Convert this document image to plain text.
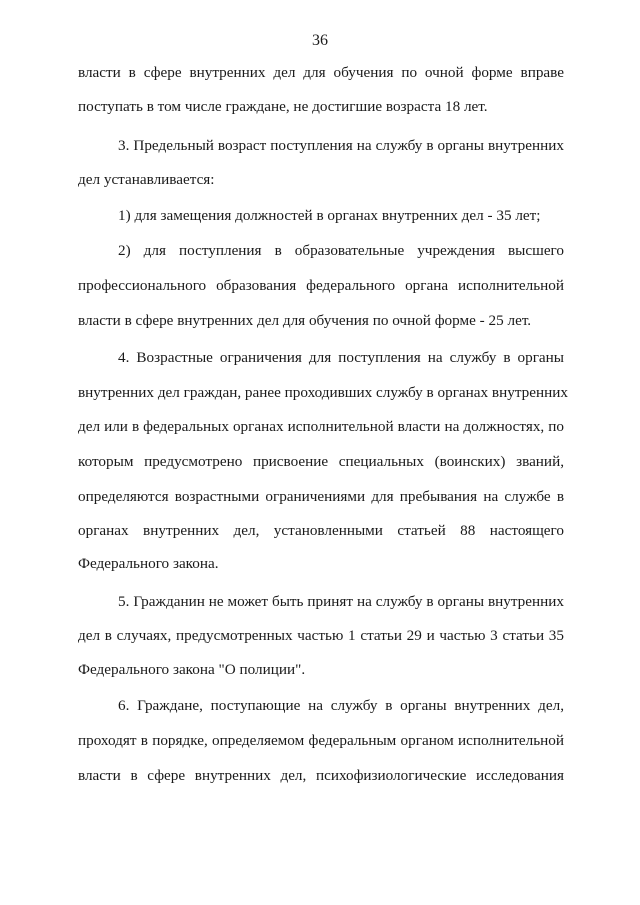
36
власти в сфере внутренних дел для обучения по очной форме вправе
поступать в том числе граждане, не достигшие возраста 18 лет.
3. Предельный возраст поступления на службу в органы внутренних
дел устанавливается:
1) для замещения должностей в органах внутренних дел - 35 лет;
2) для поступления в образовательные учреждения высшего
профессионального образования федерального органа исполнительной
власти в сфере внутренних дел для обучения по очной форме - 25 лет.
4. Возрастные ограничения для поступления на службу в органы
внутренних дел граждан, ранее проходивших службу в органах внутренних
дел или в федеральных органах исполнительной власти на должностях, по
которым предусмотрено присвоение специальных (воинских) званий,
определяются возрастными ограничениями для пребывания на службе в
органах внутренних дел, установленными статьей 88 настоящего
Федерального закона.
5. Гражданин не может быть принят на службу в органы внутренних
дел в случаях, предусмотренных частью 1 статьи 29 и частью 3 статьи 35
Федерального закона "О полиции".
6. Граждане, поступающие на службу в органы внутренних дел,
проходят в порядке, определяемом федеральным органом исполнительной
власти в сфере внутренних дел, психофизиологические исследования
